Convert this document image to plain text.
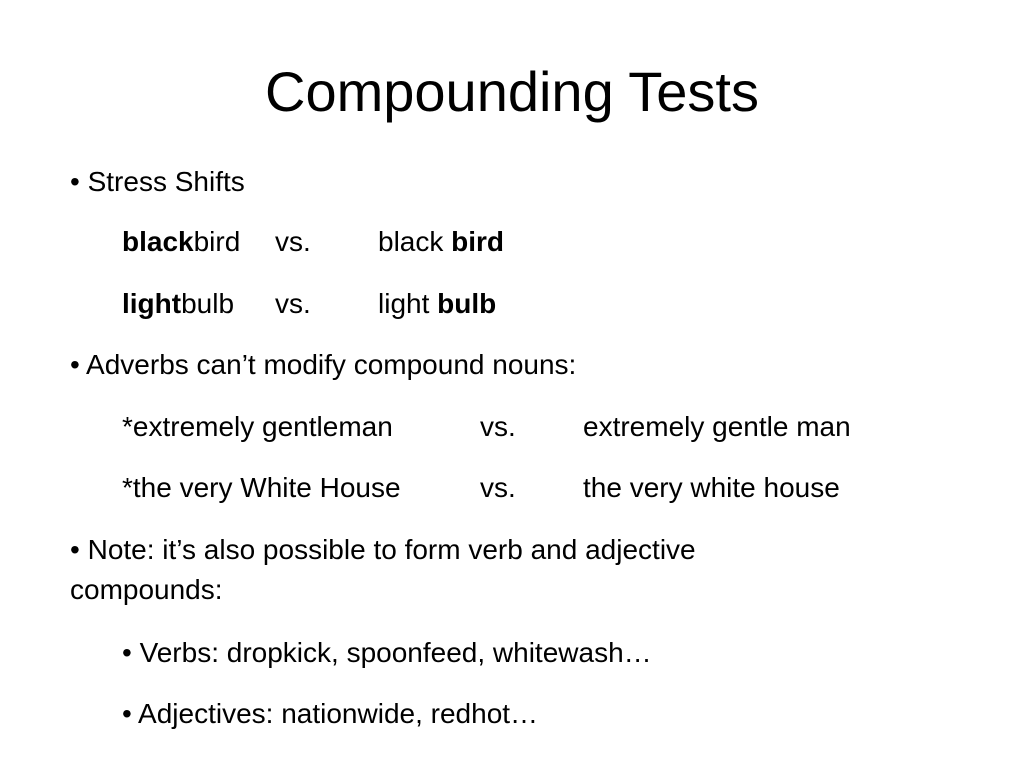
Compounding Tests
• Stress Shifts
blackbird vs. black bird
lightbulb vs. light bulb
• Adverbs can’t modify compound nouns:
*extremely gentleman	vs. extremely gentle man
*the very White House	vs. the very white house
• Note: it’s also possible to form verb and adjective
compounds:
• Verbs: dropkick, spoonfeed, whitewash…
• Adjectives: nationwide, redhot…
